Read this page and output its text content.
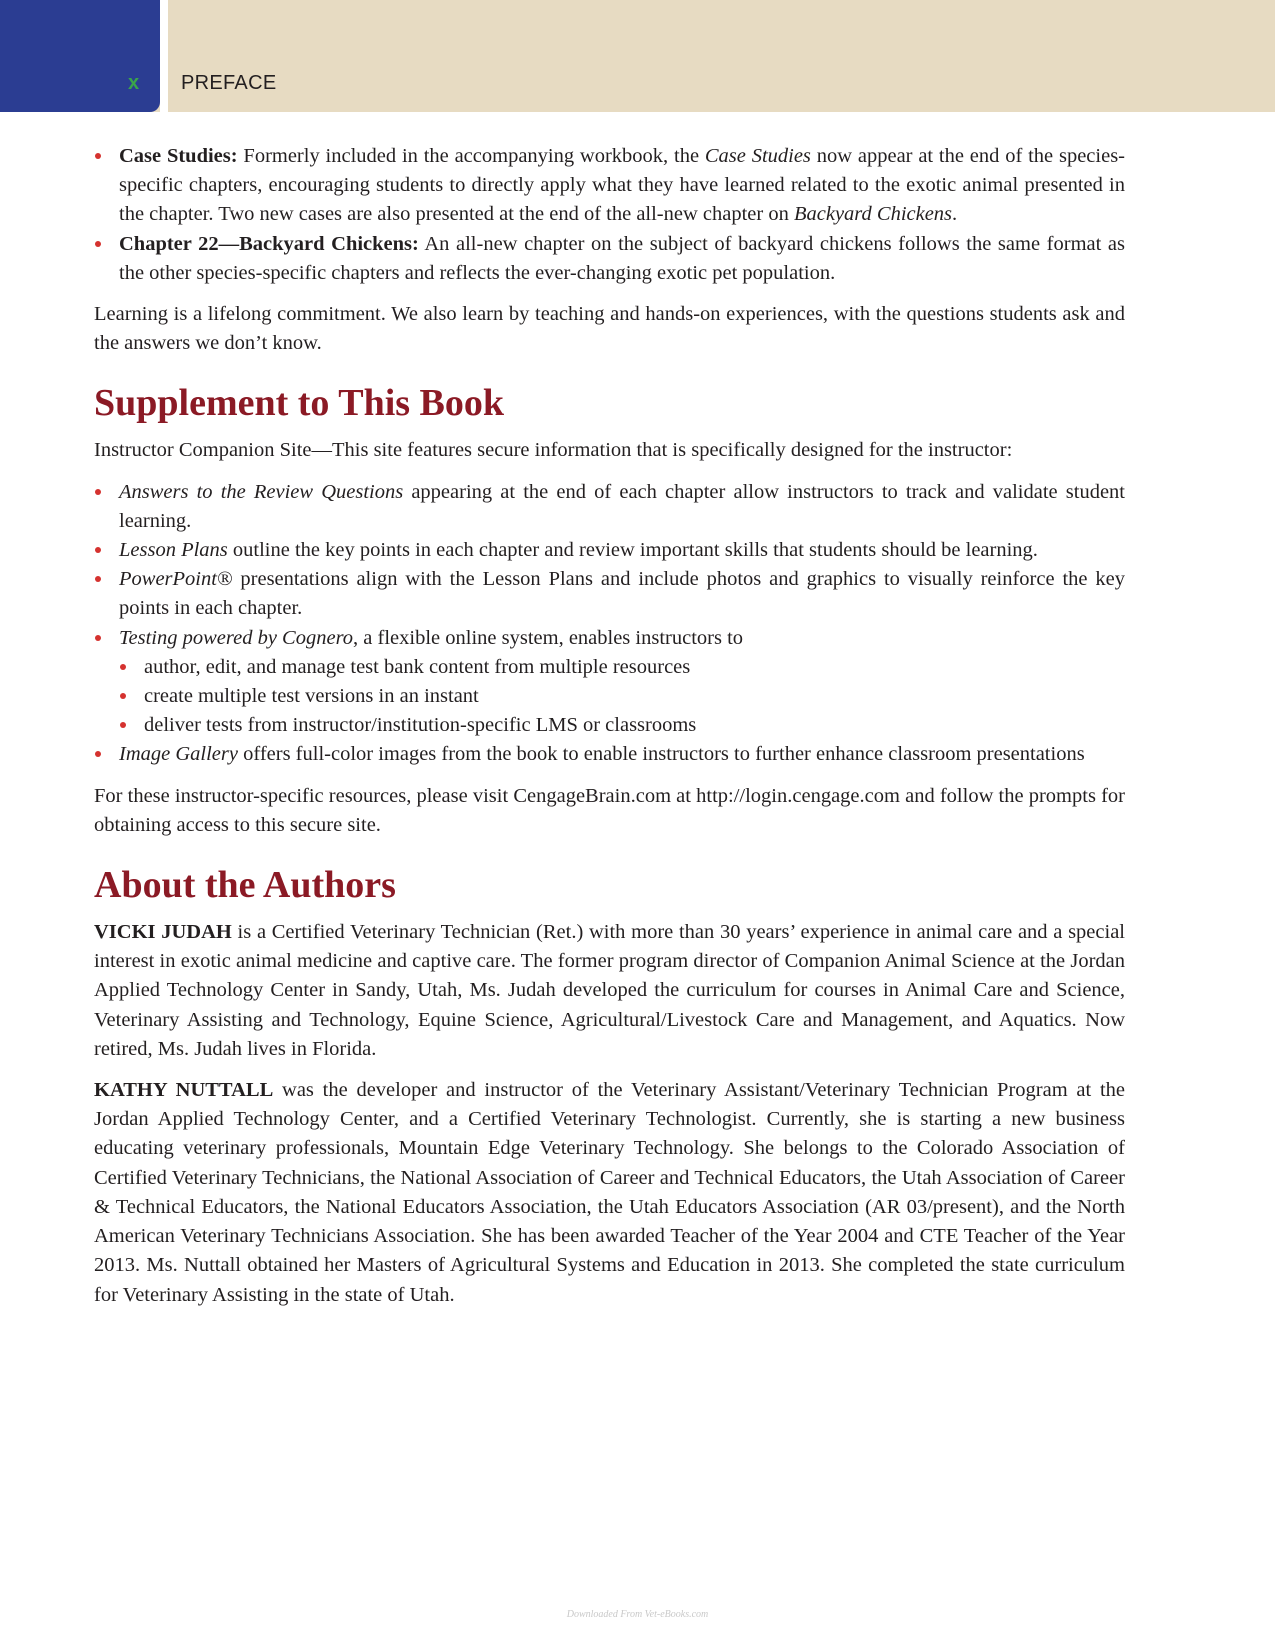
x PREFACE
Case Studies: Formerly included in the accompanying workbook, the Case Studies now appear at the end of the species-specific chapters, encouraging students to directly apply what they have learned related to the exotic animal presented in the chapter. Two new cases are also presented at the end of the all-new chapter on Backyard Chickens.
Chapter 22—Backyard Chickens: An all-new chapter on the subject of backyard chickens follows the same format as the other species-specific chapters and reflects the ever-changing exotic pet population.

Learning is a lifelong commitment. We also learn by teaching and hands-on experiences, with the questions students ask and the answers we don’t know.

Supplement to This Book

Instructor Companion Site—This site features secure information that is specifically designed for the instructor:

Answers to the Review Questions appearing at the end of each chapter allow instructors to track and validate student learning.
Lesson Plans outline the key points in each chapter and review important skills that students should be learning.
PowerPoint® presentations align with the Lesson Plans and include photos and graphics to visually reinforce the key points in each chapter.
Testing powered by Cognero, a flexible online system, enables instructors to
author, edit, and manage test bank content from multiple resources
create multiple test versions in an instant
deliver tests from instructor/institution-specific LMS or classrooms
Image Gallery offers full-color images from the book to enable instructors to further enhance classroom presentations

For these instructor-specific resources, please visit CengageBrain.com at http://login.cengage.com and follow the prompts for obtaining access to this secure site.

About the Authors

VICKI JUDAH is a Certified Veterinary Technician (Ret.) with more than 30 years’ experience in animal care and a special interest in exotic animal medicine and captive care. The former program director of Companion Animal Science at the Jordan Applied Technology Center in Sandy, Utah, Ms. Judah developed the curriculum for courses in Animal Care and Science, Veterinary Assisting and Technology, Equine Science, Agricultural/Livestock Care and Management, and Aquatics. Now retired, Ms. Judah lives in Florida.

KATHY NUTTALL was the developer and instructor of the Veterinary Assistant/Veterinary Technician Program at the Jordan Applied Technology Center, and a Certified Veterinary Technologist. Currently, she is starting a new business educating veterinary professionals, Mountain Edge Veterinary Technology. She belongs to the Colorado Association of Certified Veterinary Technicians, the National Association of Career and Technical Educators, the Utah Association of Career & Technical Educators, the National Educators Association, the Utah Educators Association (AR 03/present), and the North American Veterinary Technicians Association. She has been awarded Teacher of the Year 2004 and CTE Teacher of the Year 2013. Ms. Nuttall obtained her Masters of Agricultural Systems and Education in 2013. She completed the state curriculum for Veterinary Assisting in the state of Utah.

Downloaded From Vet-eBooks.com
